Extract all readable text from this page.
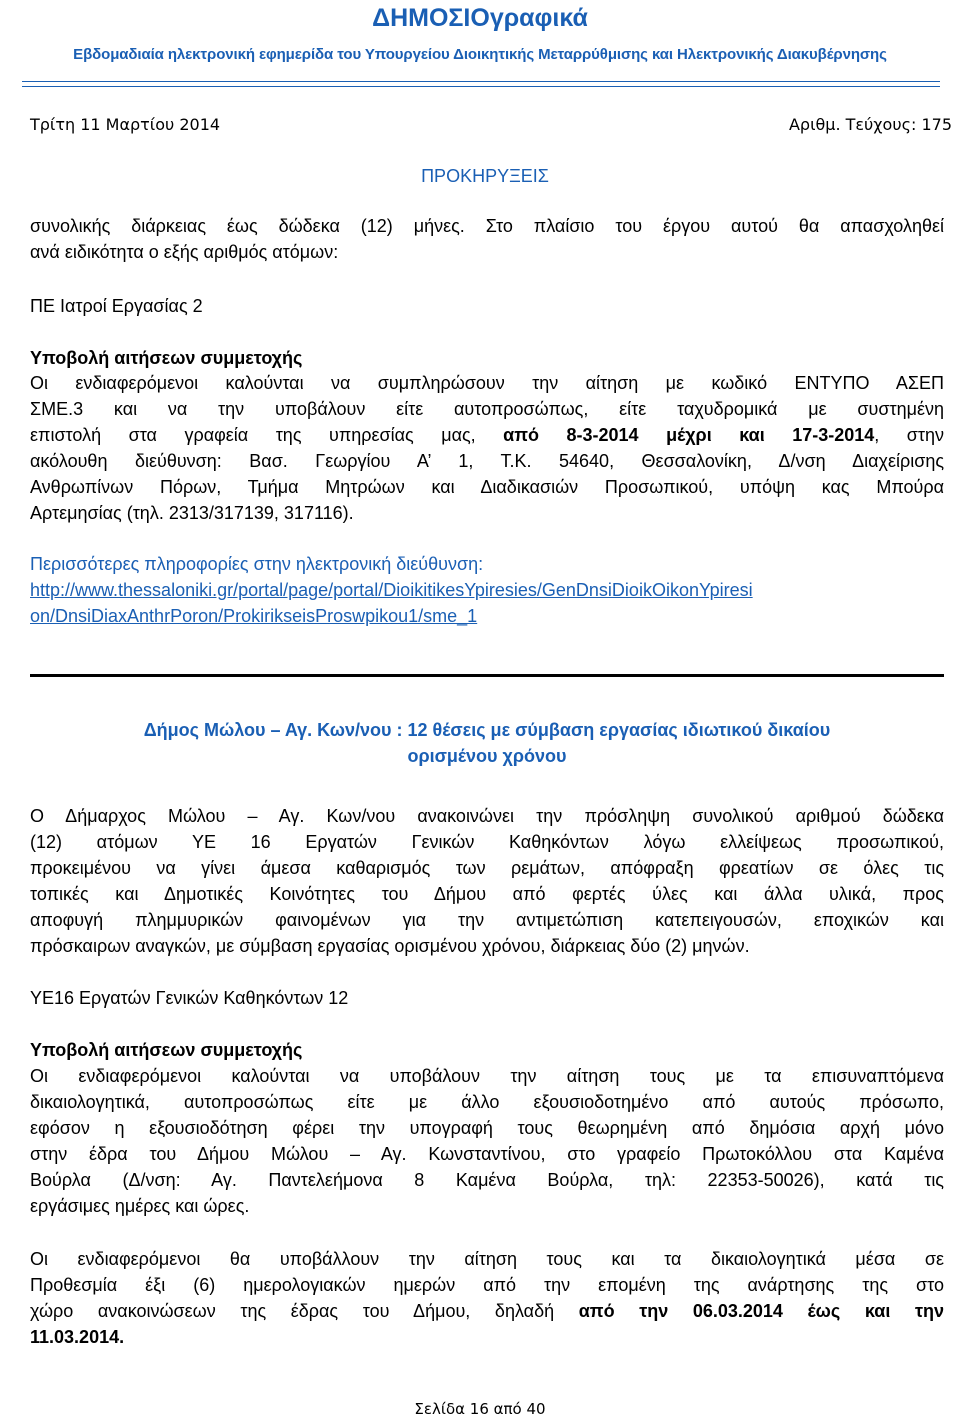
ΔΗΜΟΣΙΟγραφικά
Εβδομαδιαία ηλεκτρονική εφημερίδα του Υπουργείου Διοικητικής Μεταρρύθμισης και Ηλεκτρονικής Διακυβέρνησης
Τρίτη 11 Μαρτίου 2014	Αριθμ. Τεύχους: 175
ΠΡΟΚΗΡΥΞΕΙΣ
συνολικής διάρκειας έως δώδεκα (12) μήνες. Στο πλαίσιο του έργου αυτού θα απασχοληθεί
ανά ειδικότητα ο εξής αριθμός ατόμων:
ΠΕ Ιατροί Εργασίας 2
Υποβολή αιτήσεων συμμετοχής
Οι ενδιαφερόμενοι καλούνται να συμπληρώσουν την αίτηση με κωδικό ΕΝΤΥΠΟ ΑΣΕΠ
ΣΜΕ.3 και να την υποβάλουν είτε αυτοπροσώπως, είτε ταχυδρομικά με συστημένη
επιστολή στα γραφεία της υπηρεσίας μας, από 8-3-2014 μέχρι και 17-3-2014, στην
ακόλουθη διεύθυνση: Βασ. Γεωργίου Α’ 1, Τ.Κ. 54640, Θεσσαλονίκη, Δ/νση Διαχείρισης
Ανθρωπίνων Πόρων, Τμήμα Μητρώων και Διαδικασιών Προσωπικού, υπόψη κας Μπούρα
Αρτεμησίας (τηλ. 2313/317139, 317116).
Περισσότερες πληροφορίες στην ηλεκτρονική διεύθυνση:
http://www.thessaloniki.gr/portal/page/portal/DioikitikesYpiresies/GenDnsiDioikOikonYpiresi
on/DnsiDiaxAnthrPoron/ProkirikseisProswpikou1/sme_1
Δήμος Μώλου – Αγ. Κων/νου : 12 θέσεις με σύμβαση εργασίας ιδιωτικού δικαίου
ορισμένου χρόνου
Ο Δήμαρχος Μώλου – Αγ. Κων/νου ανακοινώνει την πρόσληψη συνολικού αριθμού δώδεκα
(12) ατόμων ΥΕ 16 Εργατών Γενικών Καθηκόντων λόγω ελλείψεως προσωπικού,
προκειμένου να γίνει άμεσα καθαρισμός των ρεμάτων, απόφραξη φρεατίων σε όλες τις
τοπικές και Δημοτικές Κοινότητες του Δήμου από φερτές ύλες και άλλα υλικά, προς
αποφυγή πλημμυρικών φαινομένων για την αντιμετώπιση κατεπειγουσών, εποχικών και
πρόσκαιρων αναγκών, με σύμβαση εργασίας ορισμένου χρόνου, διάρκειας δύο (2) μηνών.
ΥΕ16 Εργατών Γενικών Καθηκόντων 12
Υποβολή αιτήσεων συμμετοχής
Οι ενδιαφερόμενοι καλούνται να υποβάλουν την αίτηση τους με τα επισυναπτόμενα
δικαιολογητικά, αυτοπροσώπως είτε με άλλο εξουσιοδοτημένο από αυτούς πρόσωπο,
εφόσον η εξουσιοδότηση φέρει την υπογραφή τους θεωρημένη από δημόσια αρχή μόνο
στην έδρα του Δήμου Μώλου – Αγ. Κωνσταντίνου, στο γραφείο Πρωτοκόλλου στα Καμένα
Βούρλα (Δ/νση: Αγ. Παντελεήμονα 8 Καμένα Βούρλα, τηλ: 22353-50026), κατά τις
εργάσιμες ημέρες και ώρες.
Οι ενδιαφερόμενοι θα υποβάλλουν την αίτηση τους και τα δικαιολογητικά μέσα σε
Προθεσμία έξι (6) ημερολογιακών ημερών από την επομένη της ανάρτησης της στο
χώρο ανακοινώσεων της έδρας του Δήμου, δηλαδή από την 06.03.2014 έως και την
11.03.2014.
Σελίδα 16 από 40
